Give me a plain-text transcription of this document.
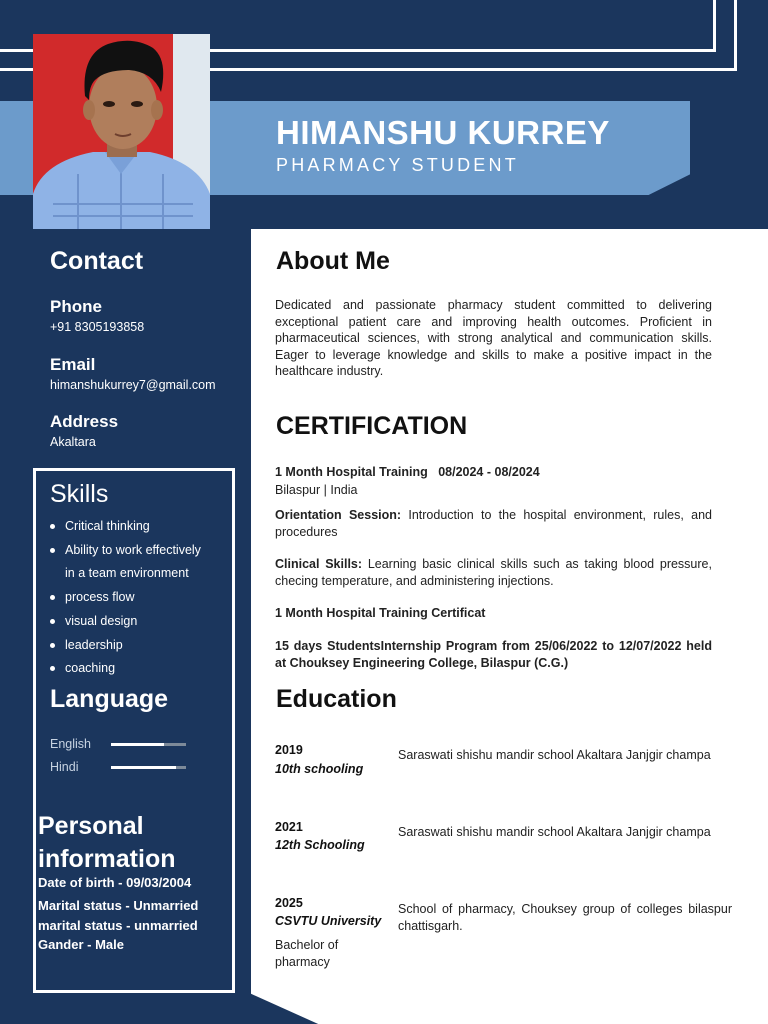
HIMANSHU KURREY
PHARMACY STUDENT
Contact
Phone
+91 8305193858
Email
himanshukurrey7@gmail.com
Address
Akaltara
Skills
Critical thinking
Ability to work effectively
in a team environment
process flow
visual design
leadership
coaching
Language
English
Hindi
Personal
information
Date of birth - 09/03/2004
Marital status - Unmarried
marital status - unmarried
Gander - Male
About Me

Dedicated and passionate pharmacy student committed to delivering exceptional patient care and improving health outcomes. Proficient in pharmaceutical sciences, with strong analytical and communication skills. Eager to leverage knowledge and skills to make a positive impact in the healthcare industry.

CERTIFICATION
1 Month Hospital Training 08/2024 - 08/2024
Bilaspur | India

Orientation Session: Introduction to the hospital environment, rules, and procedures

Clinical Skills: Learning basic clinical skills such as taking blood pressure, checing temperature, and administering injections.

1 Month Hospital Training Certificat

15 days StudentsInternship Program from 25/06/2022 to 12/07/2022 held at Chouksey Engineering College, Bilaspur (C.G.)

Education
2019
10th schooling

Saraswati shishu mandir school Akaltara Janjgir champa

2021
12th Schooling

Saraswati shishu mandir school Akaltara Janjgir champa

2025
CSVTU University
Bachelor of pharmacy

School of pharmacy, Chouksey group of colleges bilaspur chattisgarh.
